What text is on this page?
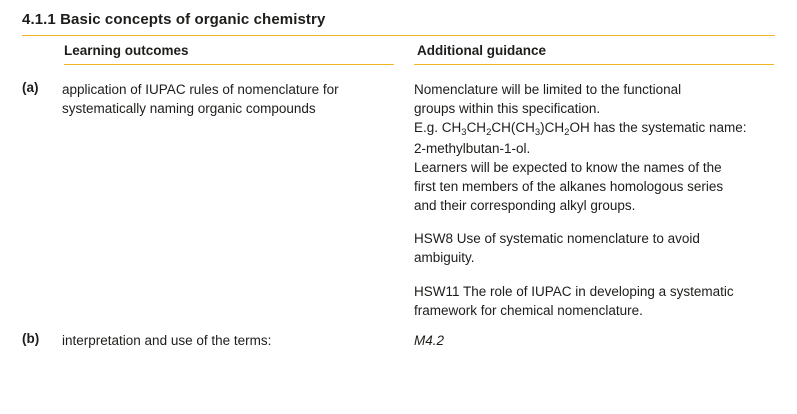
4.1.1 Basic concepts of organic chemistry
Learning outcomes	Additional guidance
(a) application of IUPAC rules of nomenclature for
systematically naming organic compounds

Nomenclature will be limited to the functional

groups within this specification.

E.g. $CH_3CH_2CH(CH_3)CH_2OH$ has the systematic name:

2-methylbutan-1-ol.

Learners will be expected to know the names of the

first ten members of the alkanes homologous series

and their corresponding alkyl groups.

HSW8 Use of systematic nomenclature to avoid

ambiguity.

HSW11 The role of IUPAC in developing a systematic

framework for chemical nomenclature.

(b) interpretation and use of the terms:	M4.2
